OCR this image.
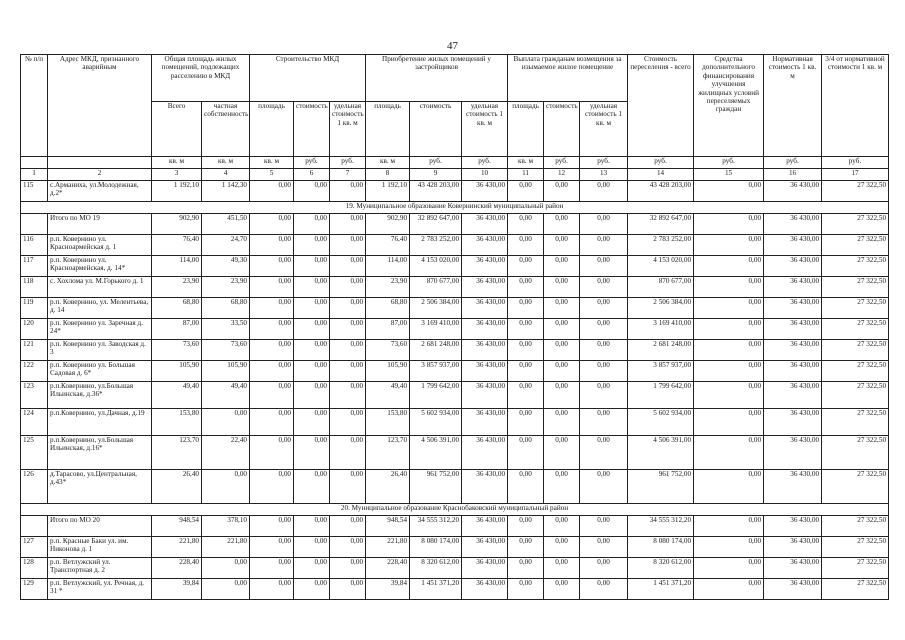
47
№ п/п	Адрес МКД, признанного аварийным	Общая площадь жилых помещений, подлежащих расселению в МКД		Строительство МКД			Приобретение жилых помещений у застройщиков			Выплата гражданам возмещения за изымаемое жилое помещение			Стоимость переселения - всего	Средства дополнительного финансирования улучшения жилищных условий переселяемых граждан	Нормативная стоимость 1 кв. м	3/4 от нормативной стоимости 1 кв. м
		Всего	частная собственность	площадь	стоимость	удельная стоимость 1 кв. м	площадь	стоимость	удельная стоимость 1 кв. м	площадь	стоимость	удельная стоимость 1 кв. м				
		кв. м	кв. м	кв. м	руб.	руб.	кв. м	руб.	руб.	кв. м	руб.	руб.	руб.	руб.	руб.	руб.
1	2	3	4	5	6	7	8	9	10	11	12	13	14	15	16	17
115	с.Арманиха, ул.Молодежная, д.2*	1 192,10	1 142,30	0,00	0,00	0,00	1 192,10	43 428 203,00	36 430,00	0,00	0,00	0,00	43 428 203,00	0,00	36 430,00	27 322,50
19. Муниципальное образование Ковернинский муниципальный район																
	Итого по МО 19	902,90	451,50	0,00	0,00	0,00	902,90	32 892 647,00	36 430,00	0,00	0,00	0,00	32 892 647,00	0,00	36 430,00	27 322,50
116	р.п. Ковернино ул. Красноармейская д. 1	76,40	24,70	0,00	0,00	0,00	76,40	2 783 252,00	36 430,00	0,00	0,00	0,00	2 783 252,00	0,00	36 430,00	27 322,50
117	р.п. Ковернино ул. Красноармейская, д. 14*	114,00	49,30	0,00	0,00	0,00	114,00	4 153 020,00	36 430,00	0,00	0,00	0,00	4 153 020,00	0,00	36 430,00	27 322,50
118	с. Хохлома ул. М.Горького д. 1	23,90	23,90	0,00	0,00	0,00	23,90	870 677,00	36 430,00	0,00	0,00	0,00	870 677,00	0,00	36 430,00	27 322,50
119	р.п. Ковернино, ул. Мелентьева, д. 14	68,80	68,80	0,00	0,00	0,00	68,80	2 506 384,00	36 430,00	0,00	0,00	0,00	2 506 384,00	0,00	36 430,00	27 322,50
120	р.п. Ковернино ул. Заречная д. 24*	87,00	33,50	0,00	0,00	0,00	87,00	3 169 410,00	36 430,00	0,00	0,00	0,00	3 169 410,00	0,00	36 430,00	27 322,50
121	р.п. Ковернино ул. Заводская д. 3	73,60	73,60	0,00	0,00	0,00	73,60	2 681 248,00	36 430,00	0,00	0,00	0,00	2 681 248,00	0,00	36 430,00	27 322,50
122	р.п. Ковернино ул. Большая Садовая д. 6*	105,90	105,90	0,00	0,00	0,00	105,90	3 857 937,00	36 430,00	0,00	0,00	0,00	3 857 937,00	0,00	36 430,00	27 322,50
123	р.п.Ковернино, ул.Большая Ильинская, д.36*	49,40	49,40	0,00	0,00	0,00	49,40	1 799 642,00	36 430,00	0,00	0,00	0,00	1 799 642,00	0,00	36 430,00	27 322,50
124	р.п.Ковернино, ул.Дачная, д.19	153,80	0,00	0,00	0,00	0,00	153,80	5 602 934,00	36 430,00	0,00	0,00	0,00	5 602 934,00	0,00	36 430,00	27 322,50
125	р.п.Ковернино, ул.Большая Ильинская, д.16*	123,70	22,40	0,00	0,00	0,00	123,70	4 506 391,00	36 430,00	0,00	0,00	0,00	4 506 391,00	0,00	36 430,00	27 322,50
126	д.Тарасово, ул.Центральная, д.43*	26,40	0,00	0,00	0,00	0,00	26,40	961 752,00	36 430,00	0,00	0,00	0,00	961 752,00	0,00	36 430,00	27 322,50
20. Муниципальное образование Краснобаковский муниципальный район																
	Итого по МО 20	948,54	378,10	0,00	0,00	0,00	948,54	34 555 312,20	36 430,00	0,00	0,00	0,00	34 555 312,20	0,00	36 430,00	27 322,50
127	р.п. Красные Баки ул. им. Никонова д. 1	221,80	221,80	0,00	0,00	0,00	221,80	8 080 174,00	36 430,00	0,00	0,00	0,00	8 080 174,00	0,00	36 430,00	27 322,50
128	р.п. Ветлужский ул. Транспортная д. 2	228,40	0,00	0,00	0,00	0,00	228,40	8 320 612,00	36 430,00	0,00	0,00	0,00	8 320 612,00	0,00	36 430,00	27 322,50
129	р.п. Ветлужский, ул. Речная, д. 31 *	39,84	0,00	0,00	0,00	0,00	39,84	1 451 371,20	36 430,00	0,00	0,00	0,00	1 451 371,20	0,00	36 430,00	27 322,50
